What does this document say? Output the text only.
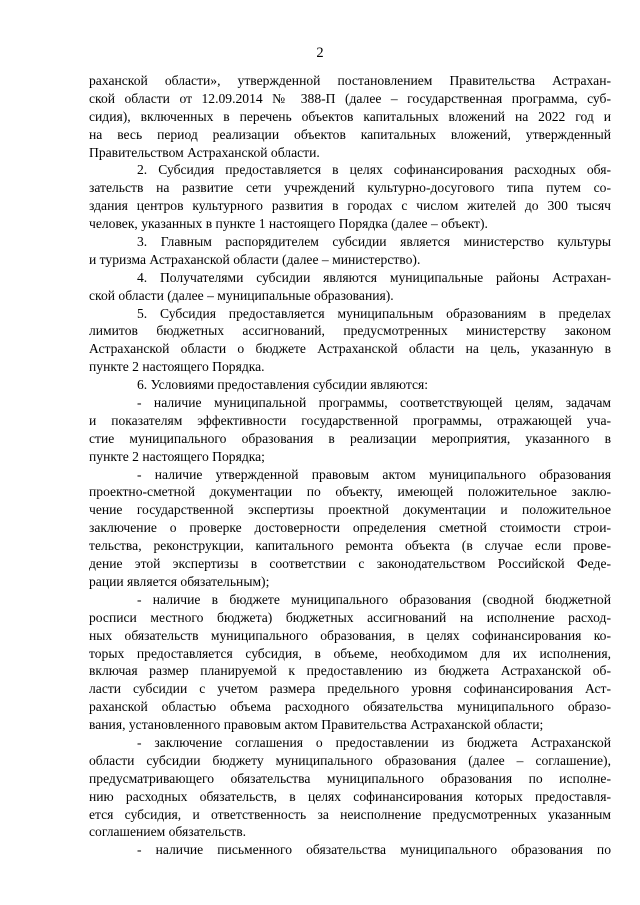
2
раханской области», утвержденной постановлением Правительства Астрахан-
ской области от 12.09.2014 № 388-П (далее – государственная программа, суб-
сидия), включенных в перечень объектов капитальных вложений на 2022 год и
на весь период реализации объектов капитальных вложений, утвержденный
Правительством Астраханской области.
2. Субсидия предоставляется в целях софинансирования расходных обя-
зательств на развитие сети учреждений культурно-досугового типа путем со-
здания центров культурного развития в городах с числом жителей до 300 тысяч
человек, указанных в пункте 1 настоящего Порядка (далее – объект).
3. Главным распорядителем субсидии является министерство культуры
и туризма Астраханской области (далее – министерство).
4. Получателями субсидии являются муниципальные районы Астрахан-
ской области (далее – муниципальные образования).
5. Субсидия предоставляется муниципальным образованиям в пределах
лимитов бюджетных ассигнований, предусмотренных министерству законом
Астраханской области о бюджете Астраханской области на цель, указанную в
пункте 2 настоящего Порядка.
6. Условиями предоставления субсидии являются:
- наличие муниципальной программы, соответствующей целям, задачам
и показателям эффективности государственной программы, отражающей уча-
стие муниципального образования в реализации мероприятия, указанного в
пункте 2 настоящего Порядка;
- наличие утвержденной правовым актом муниципального образования
проектно-сметной документации по объекту, имеющей положительное заклю-
чение государственной экспертизы проектной документации и положительное
заключение о проверке достоверности определения сметной стоимости строи-
тельства, реконструкции, капитального ремонта объекта (в случае если прове-
дение этой экспертизы в соответствии с законодательством Российской Феде-
рации является обязательным);
- наличие в бюджете муниципального образования (сводной бюджетной
росписи местного бюджета) бюджетных ассигнований на исполнение расход-
ных обязательств муниципального образования, в целях софинансирования ко-
торых предоставляется субсидия, в объеме, необходимом для их исполнения,
включая размер планируемой к предоставлению из бюджета Астраханской об-
ласти субсидии с учетом размера предельного уровня софинансирования Аст-
раханской областью объема расходного обязательства муниципального образо-
вания, установленного правовым актом Правительства Астраханской области;
- заключение соглашения о предоставлении из бюджета Астраханской
области субсидии бюджету муниципального образования (далее – соглашение),
предусматривающего обязательства муниципального образования по исполне-
нию расходных обязательств, в целях софинансирования которых предоставля-
ется субсидия, и ответственность за неисполнение предусмотренных указанным
соглашением обязательств.
- наличие письменного обязательства муниципального образования по
